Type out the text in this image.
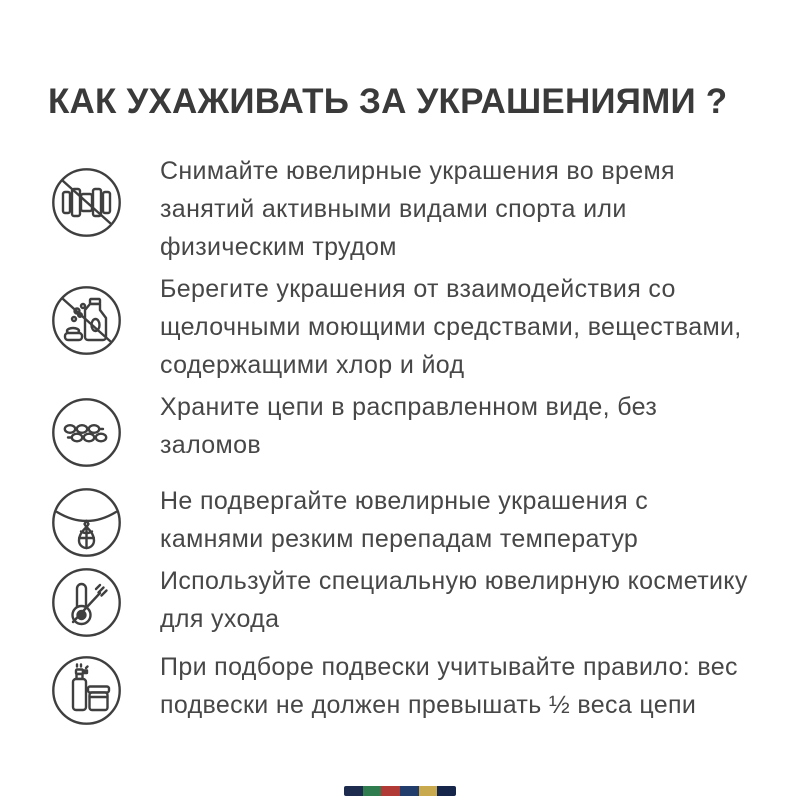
КАК УХАЖИВАТЬ ЗА УКРАШЕНИЯМИ ?
Снимайте ювелирные украшения во время
занятий активными видами спорта или
физическим трудом
Берегите украшения от взаимодействия со
щелочными моющими средствами, веществами,
содержащими хлор и йод
Храните цепи в расправленном виде, без
заломов
Не подвергайте ювелирные украшения с
камнями резким перепадам температур
Используйте специальную ювелирную косметику
для ухода
При подборе подвески учитывайте правило: вес
подвески не должен превышать ½ веса цепи
